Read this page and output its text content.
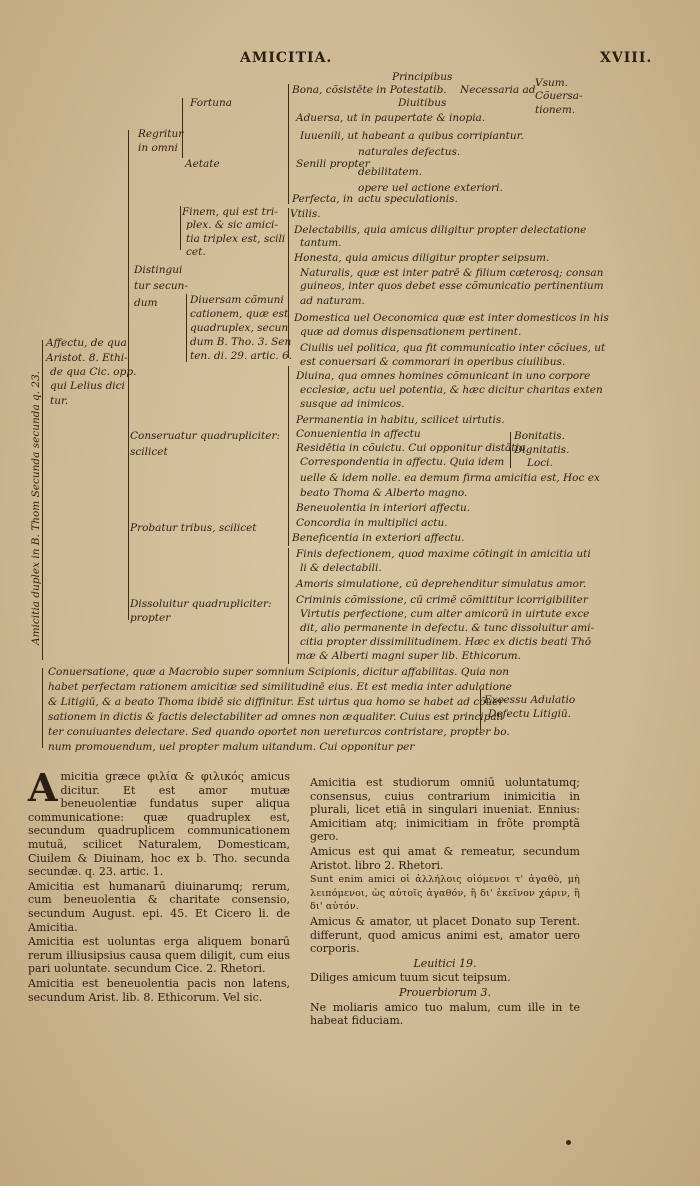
AMICITIA.	XVIII.
Amicitia duplex in B. Thom Secunda secunda q. 23.
Principibus
Bona, cõsistēte in Potestatib. Necessaria ad
Diuitibus
Vsum.
Cõuersa-
tionem.
Fortuna
Aduersa, ut in paupertate & inopia.
Regritur
in omni
Iuuenili, ut habeant a quibus corripiantur.
naturales defectus.
Senili propter
Aetate
debilitatem.
opere uel actione exteriori.
Perfecta, in actu speculationis.
Finem, qui est tri- Vtilis.
plex. & sic amici- Delectabilis, quia amicus diligitur propter delectatione
tia triplex est, scili tantum.
cet.	Honesta, quia amicus diligitur propter seipsum.
Distingui	Naturalis, quæ est inter patrē & filium cæterosq; consan
tur secun-	guineos, inter quos debet esse cõmunicatio pertinentium
Diuersam cõmuni
dum	ad naturam.
cationem, quæ est Domestica uel Oeconomica quæ est inter domesticos in his
quadruplex, secun quæ ad domus dispensationem pertinent.
Affectu, de qua	dum B. Tho. 3. Sen Ciuilis uel politica, qua fit communicatio inter cõciues, ut
Aristot. 8. Ethi-	ten. di. 29. artic. 6. est conuersari & commorari in operibus ciuilibus.
de qua Cic. opp.
qui Lelius dici
Diuina, qua omnes homines cõmunicant in uno corpore
ecclesiæ, actu uel potentia, & hæc dicitur charitas exten
tur.	susque ad inimicos.
Permanentia in habitu, scilicet uirtutis.
Conseruatur quadrupliciter: Conuenientia in affectu	Bonitatis.
scilicet	Residētia in cõuictu. Cui opponitur distātia
Dignitatis.
Correspondentia in affectu. Quia idem Loci.
uelle & idem nolle. ea demum firma amicitia est, Hoc ex
beato Thoma & Alberto magno.
Beneuolentia in interiori affectu.
Probatur tribus, scilicet	Concordia in multiplici actu.
Beneficentia in exteriori affectu.
Finis defectionem, quod maxime cõtingit in amicitia uti
li & delectabili.
Amoris simulatione, cū deprehenditur simulatus amor.
Dissoluitur quadrupliciter: Criminis cõmissione, cū crimē cõmittitur icorrigibiliter
propter	Virtutis perfectione, cum alter amicorū in uirtute exce
dit, alio permanente in defectu. & tunc dissoluitur ami-
citia propter dissimilitudinem. Hæc ex dictis beati Thō
mæ & Alberti magni super lib. Ethicorum.
Conuersatione, quæ a Macrobio super somnium Scipionis, dicitur affabilitas. Quia non
habet perfectam rationem amicitiæ sed similitudinē eius. Et est media inter adulatione
& Litigiū, & a beato Thoma ibidē sic diffinitur. Est uirtus qua homo se habet ad cõuer
Excessu Adulatio
sationem in dictis & factis delectabiliter ad omnes non æqualiter. Cuius est principali
Defectu Litigiū.
ter conuiuantes delectare. Sed quando oportet non uereturcos contristare, propter bo.
num promouendum, uel propter malum uitandum. Cui opponitur per

Amicitia græce φιλία & φιλικός amicus dicitur. Et est amor mutuæ beneuolentiæ fundatus super aliqua communicatione: quæ quadruplex est, secundum quadruplicem communicationem mutuã, scilicet Naturalem, Domesticam, Ciuilem & Diuinam, hoc ex b. Tho. secunda secundæ. q. 23. artic. 1.

Amicitia est humanarū diuinarumq; rerum, cum beneuolentia & charitate consensio, secundum August. epi. 45. Et Cicero li. de Amicitia.

Amicitia est uoluntas erga aliquem bonarū rerum illiusipsius causa quem diligit, cum eius pari uoluntate. secundum Cice. 2. Rhetori.

Amicitia est beneuolentia pacis non latens, secundum Arist. lib. 8. Ethicorum. Vel sic.

Amicitia est studiorum omniū uoluntatumq; consensus, cuius contrarium inimicitia in plurali, licet etiā in singulari inueniat. Ennius: Amicitiam atq; inimicitiam in frõte promptã gero.

Amicus est qui amat & remeatur, secundum Aristot. libro 2. Rhetori.

Sunt enim amici οἱ ἀλλήλοις οἰόμενοι τ' ἀγαθὸ, μὴ λειπόμενοι, ὡς αὐτοῖς ἀγαθόν, ἢ δι' ἐκεῖνον χάριν, ἢ δι' αὐτόν.

Amicus & amator, ut placet Donato sup Terent. differunt, quod amicus animi est, amator uero corporis.

Leuitici 19.

Diliges amicum tuum sicut teipsum.

Prouerbiorum 3.

Ne moliaris amico tuo malum, cum ille in te habeat fiduciam.
